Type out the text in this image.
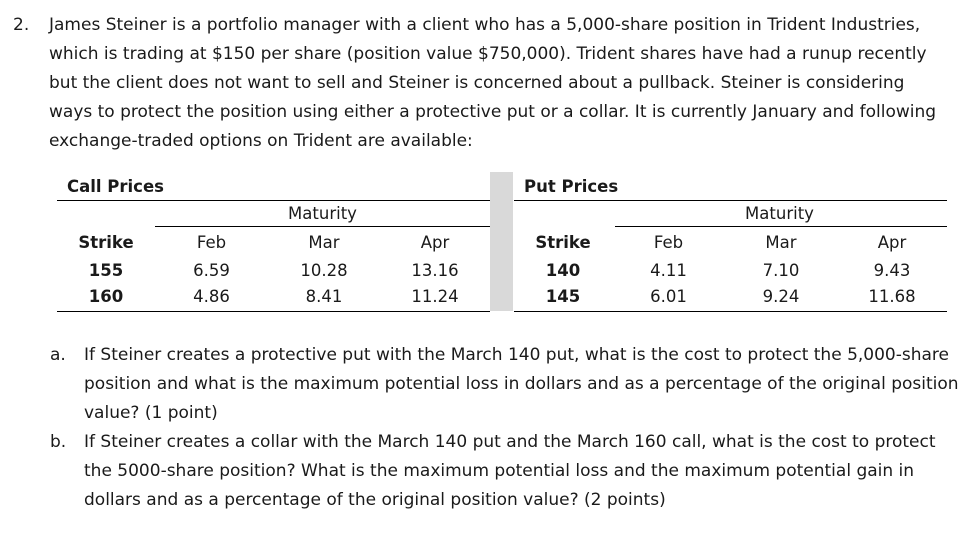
2. James Steiner is a portfolio manager with a client who has a 5,000-share position in Trident Industries, which is trading at $150 per share (position value $750,000). Trident shares have had a runup recently but the client does not want to sell and Steiner is concerned about a pullback. Steiner is considering ways to protect the position using either a protective put or a collar. It is currently January and following exchange-traded options on Trident are available:
Call Prices
Maturity
Strike	Feb	Mar	Apr
155	6.59	10.28	13.16
160	4.86	8.41	11.24
Put Prices
Maturity
Strike	Feb	Mar	Apr
140	4.11	7.10	9.43
145	6.01	9.24	11.68
a. If Steiner creates a protective put with the March 140 put, what is the cost to protect the 5,000-share position and what is the maximum potential loss in dollars and as a percentage of the original position value? (1 point)
b. If Steiner creates a collar with the March 140 put and the March 160 call, what is the cost to protect the 5000-share position? What is the maximum potential loss and the maximum potential gain in dollars and as a percentage of the original position value? (2 points)
